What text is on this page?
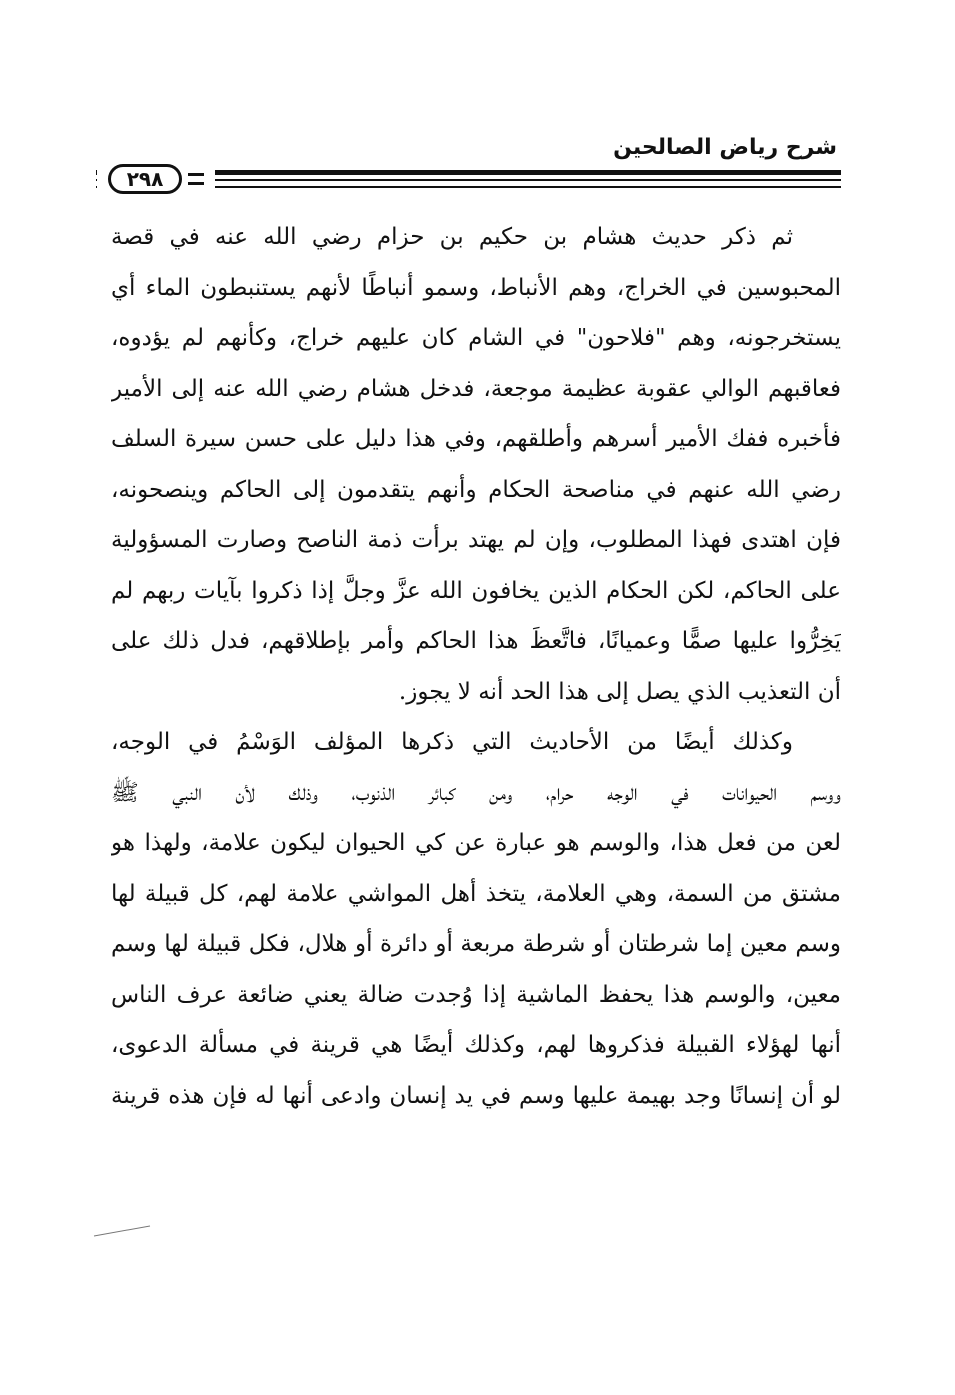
شرح رياض الصالحين
٢٩٨
ثم ذكر حديث هشام بن حكيم بن حزام رضي الله عنه في قصة
المحبوسين في الخراج، وهم الأنباط، وسمو أنباطًا لأنهم يستنبطون الماء أي
يستخرجونه، وهم "فلاحون" في الشام كان عليهم خراج، وكأنهم لم يؤدوه،
فعاقبهم الوالي عقوبة عظيمة موجعة، فدخل هشام رضي الله عنه إلى الأمير
فأخبره ففك الأمير أسرهم وأطلقهم، وفي هذا دليل على حسن سيرة السلف
رضي الله عنهم في مناصحة الحكام وأنهم يتقدمون إلى الحاكم وينصحونه،
فإن اهتدى فهذا المطلوب، وإن لم يهتد برأت ذمة الناصح وصارت المسؤولية
على الحاكم، لكن الحكام الذين يخافون الله عزَّ وجلَّ إذا ذكروا بآيات ربهم لم
يَخِرُّوا عليها صمًّا وعميانًا، فاتَّعظَ هذا الحاكم وأمر بإطلاقهم، فدل ذلك على
أن التعذيب الذي يصل إلى هذا الحد أنه لا يجوز.
وكذلك أيضًا من الأحاديث التي ذكرها المؤلف الوَسْمُ في الوجه،
ووسم الحيوانات في الوجه حرام، ومن كبائر الذنوب، وذلك لأن النبي ﷺ
لعن من فعل هذا، والوسم هو عبارة عن كي الحيوان ليكون علامة، ولهذا هو
مشتق من السمة، وهي العلامة، يتخذ أهل المواشي علامة لهم، كل قبيلة لها
وسم معين إما شرطتان أو شرطة مربعة أو دائرة أو هلال، فكل قبيلة لها وسم
معين، والوسم هذا يحفظ الماشية إذا وُجدت ضالة يعني ضائعة عرف الناس
أنها لهؤلاء القبيلة فذكروها لهم، وكذلك أيضًا هي قرينة في مسألة الدعوى،
لو أن إنسانًا وجد بهيمة عليها وسم في يد إنسان وادعى أنها له فإن هذه قرينة
